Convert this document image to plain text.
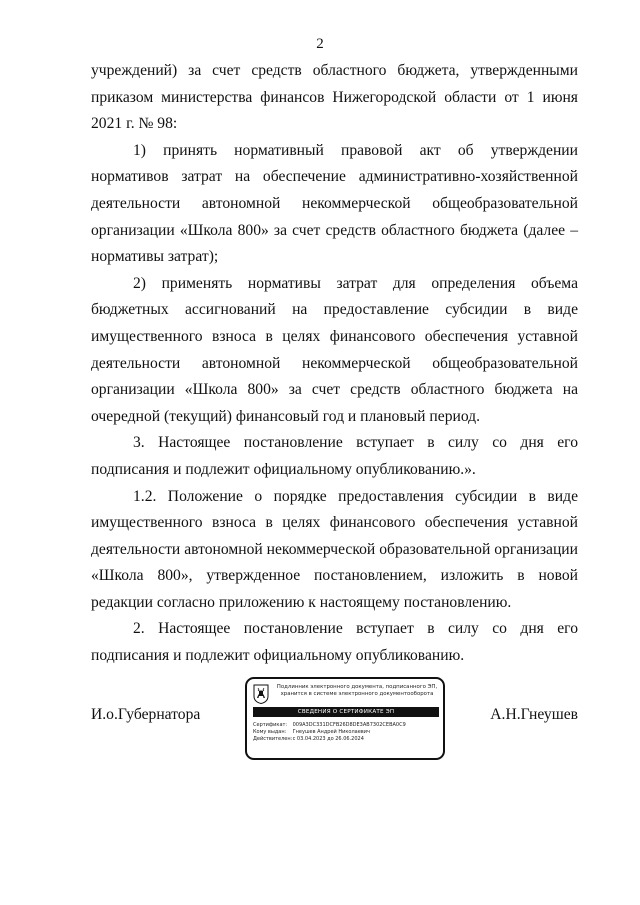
2

учреждений) за счет средств областного бюджета, утвержденными приказом министерства финансов Нижегородской области от 1 июня 2021 г. № 98:

1) принять нормативный правовой акт об утверждении нормативов затрат на обеспечение административно-хозяйственной деятельности автономной некоммерческой общеобразовательной организации «Школа 800» за счет средств областного бюджета (далее – нормативы затрат);

2) применять нормативы затрат для определения объема бюджетных ассигнований на предоставление субсидии в виде имущественного взноса в целях финансового обеспечения уставной деятельности автономной некоммерческой общеобразовательной организации «Школа 800» за счет средств областного бюджета на очередной (текущий) финансовый год и плановый период.

3. Настоящее постановление вступает в силу со дня его подписания и подлежит официальному опубликованию.».

1.2. Положение о порядке предоставления субсидии в виде имущественного взноса в целях финансового обеспечения уставной деятельности автономной некоммерческой образовательной организации «Школа 800», утвержденное постановлением, изложить в новой редакции согласно приложению к настоящему постановлению.

2. Настоящее постановление вступает в силу со дня его подписания и подлежит официальному опубликованию.

И.о.Губернатора	А.Н.Гнеушев
Подлинник электронного документа, подписанного ЭП,
хранится в системе электронного документооборота
СВЕДЕНИЯ О СЕРТИФИКАТЕ ЭП
Сертификат: 009A3DC331DCFB26D8DE3AB7302CEBA0C9
Кому выдан: Гнеушев Андрей Николаевич
Действителен: с 03.04.2023 до 26.06.2024
